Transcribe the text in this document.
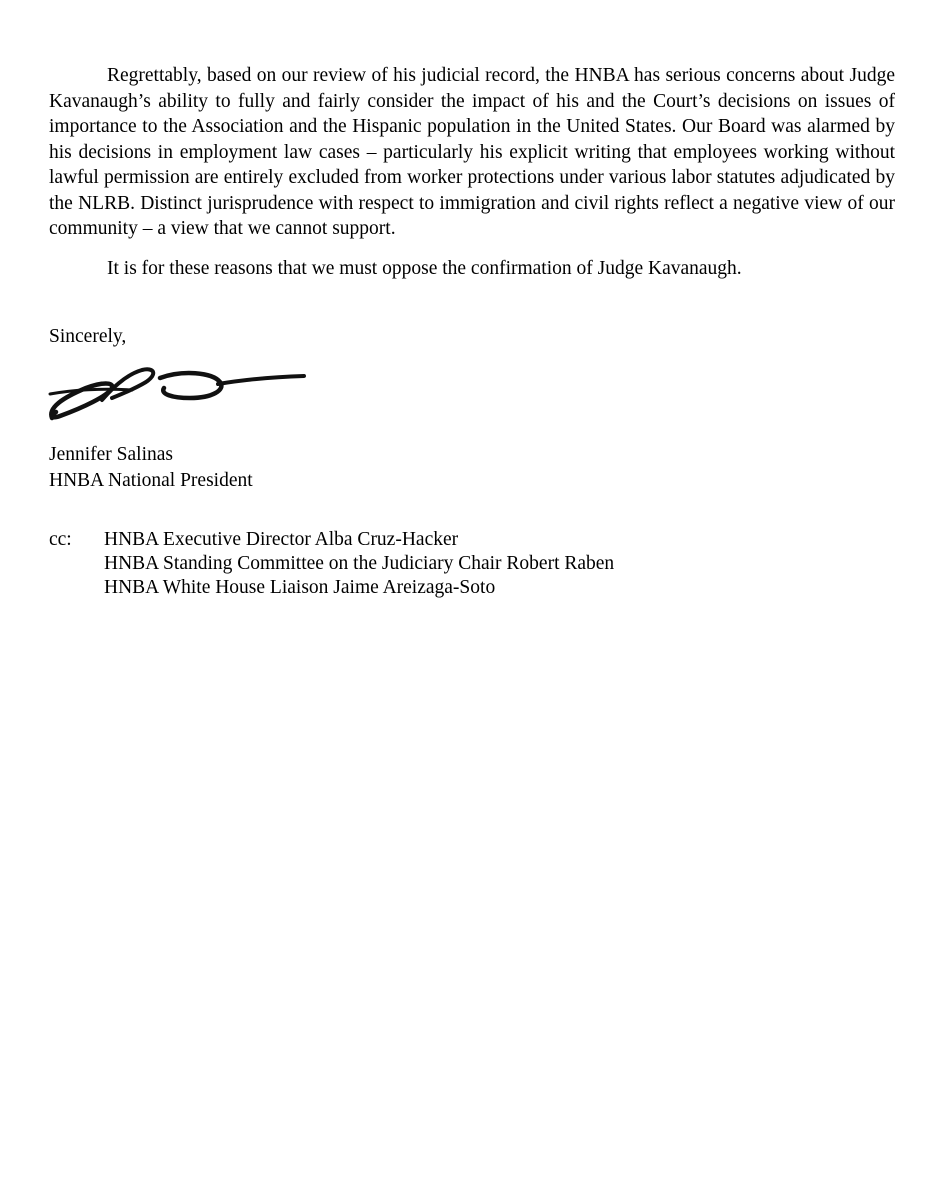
Regrettably, based on our review of his judicial record, the HNBA has serious concerns about Judge Kavanaugh’s ability to fully and fairly consider the impact of his and the Court’s decisions on issues of importance to the Association and the Hispanic population in the United States. Our Board was alarmed by his decisions in employment law cases – particularly his explicit writing that employees working without lawful permission are entirely excluded from worker protections under various labor statutes adjudicated by the NLRB. Distinct jurisprudence with respect to immigration and civil rights reflect a negative view of our community – a view that we cannot support.

It is for these reasons that we must oppose the confirmation of Judge Kavanaugh.

Sincerely,

Jennifer Salinas

HNBA National President

cc: HNBA Executive Director Alba Cruz-Hacker

HNBA Standing Committee on the Judiciary Chair Robert Raben

HNBA White House Liaison Jaime Areizaga-Soto
